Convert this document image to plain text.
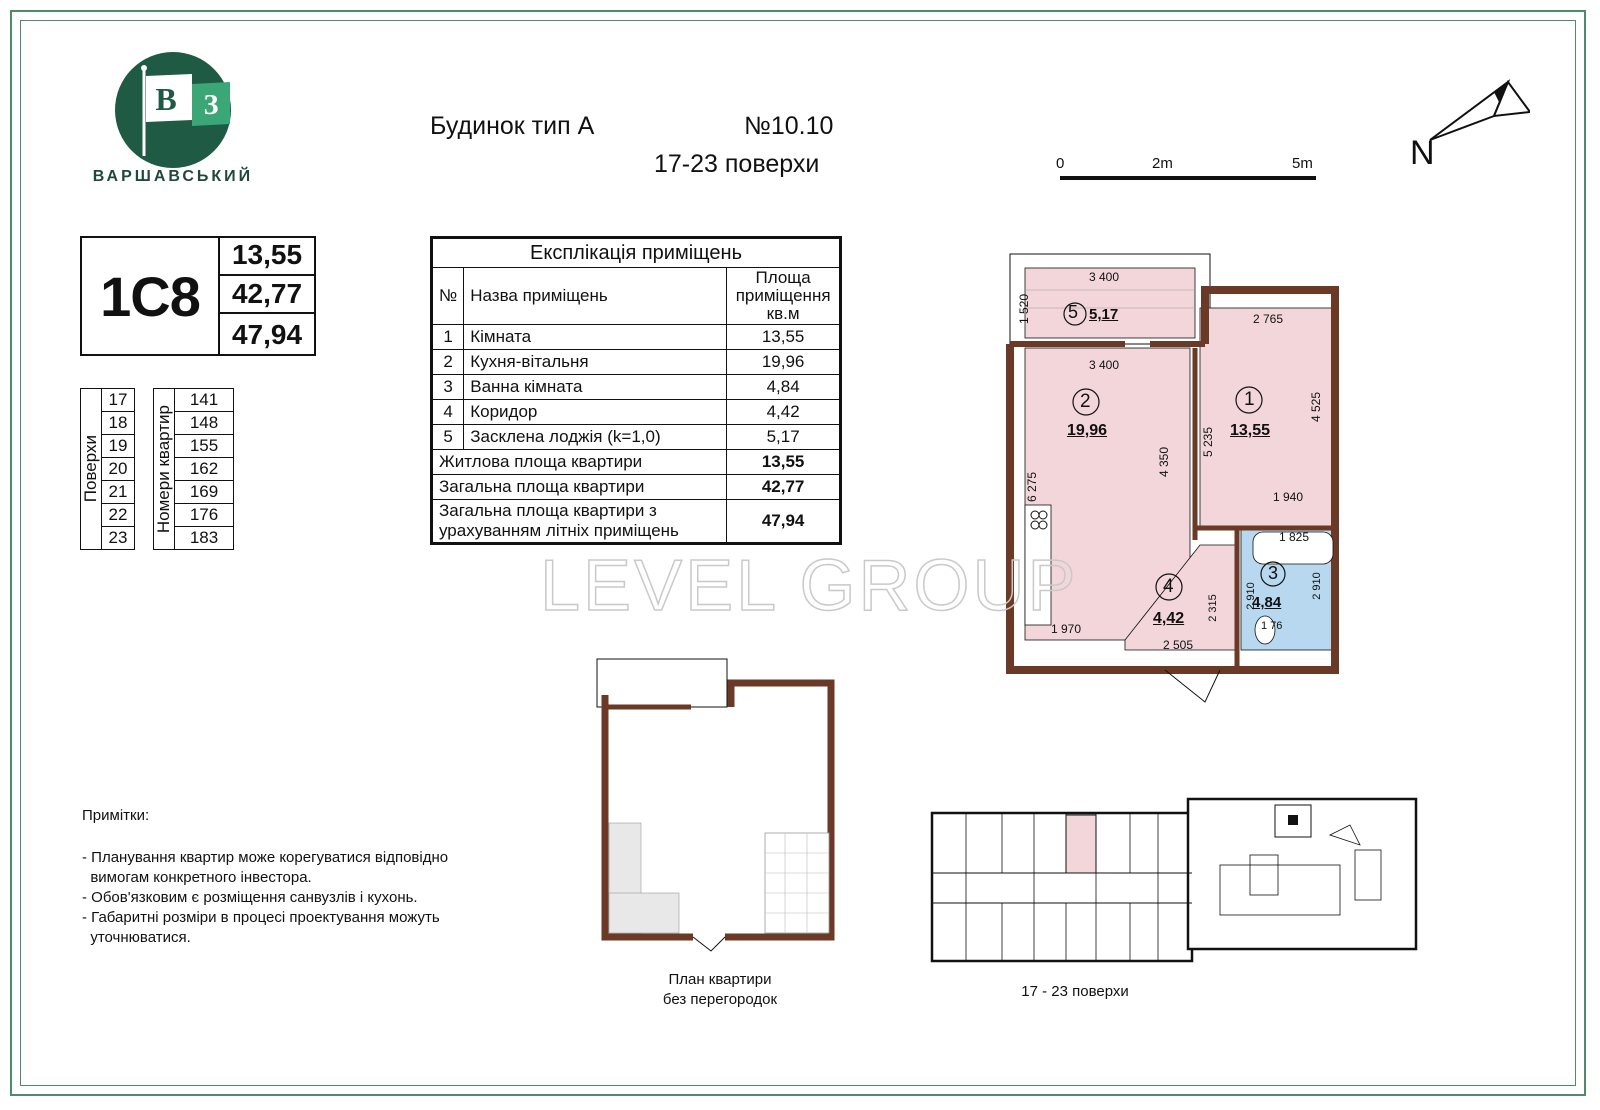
В З
ВАРШАВСЬКИЙ
Будинок тип А	№10.10
17-23 поверхи	0	2m	5m	N
1С8
13,55
42,77
47,94
Поверхи	17		Номери квартир	141
	18			148
	19			155
	20			162
	21			169
	22			176
	23			183
Експлікація приміщень		
№	Назва приміщень	Площа приміщення кв.м
1	Кімната	13,55
2	Кухня-вітальня	19,96
3	Ванна кімната	4,84
4	Коридор	4,42
5	Засклена лоджія (k=1,0)	5,17
Житлова площа квартири		13,55
Загальна площа квартири		42,77
Загальна площа квартири з урахуванням літніх приміщень		47,94
5 5,17
2
19,96
1
13,55
3
4,84
4
4,42
3 400
1 520	2 765
3 400
5 235
4 525
6 275
4 350
1 940
1 825
2 910	2 910
2 315
1 970
2 505
1 76
LEVEL GROUP
План квартири
без перегородок	17 - 23 поверхи
Примітки:
- Планування квартир може корегуватися відповідно
вимогам конкретного інвестора.
- Обов'язковим є розміщення санвузлів і кухонь.
- Габаритні розміри в процесі проектування можуть
уточнюватися.
